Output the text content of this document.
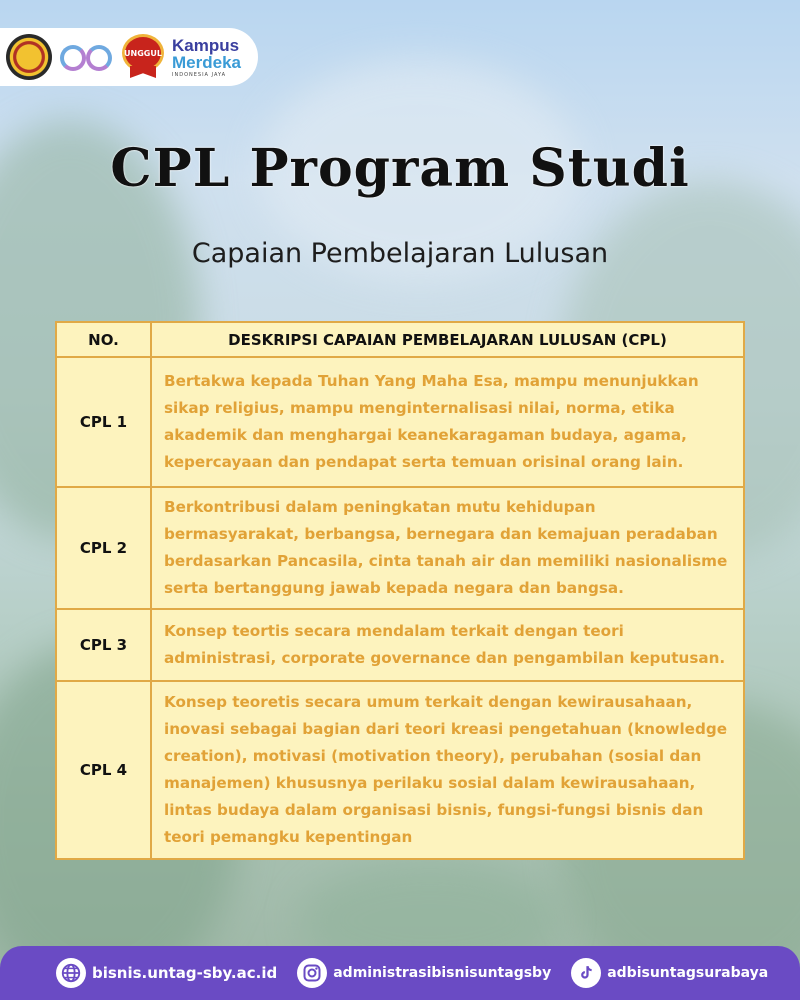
UNGGUL Kampus
Merdeka
INDONESIA JAYA
CPL Program Studi

Capaian Pembelajaran Lulusan

NO.	DESKRIPSI CAPAIAN PEMBELAJARAN LULUSAN (CPL)
CPL 1	Bertakwa kepada Tuhan Yang Maha Esa, mampu menunjukkan sikap religius, mampu menginternalisasi nilai, norma, etika akademik dan menghargai keanekaragaman budaya, agama, kepercayaan dan pendapat serta temuan orisinal orang lain.
CPL 2	Berkontribusi dalam peningkatan mutu kehidupan bermasyarakat, berbangsa, bernegara dan kemajuan peradaban berdasarkan Pancasila, cinta tanah air dan memiliki nasionalisme serta bertanggung jawab kepada negara dan bangsa.
CPL 3	Konsep teortis secara mendalam terkait dengan teori administrasi, corporate governance dan pengambilan keputusan.
CPL 4	Konsep teoretis secara umum terkait dengan kewirausahaan, inovasi sebagai bagian dari teori kreasi pengetahuan (knowledge creation), motivasi (motivation theory), perubahan (sosial dan manajemen) khususnya perilaku sosial dalam kewirausahaan, lintas budaya dalam organisasi bisnis, fungsi-fungsi bisnis dan teori pemangku kepentingan
bisnis.untag-sby.ac.id	administrasibisnisuntagsby	adbisuntagsurabaya
